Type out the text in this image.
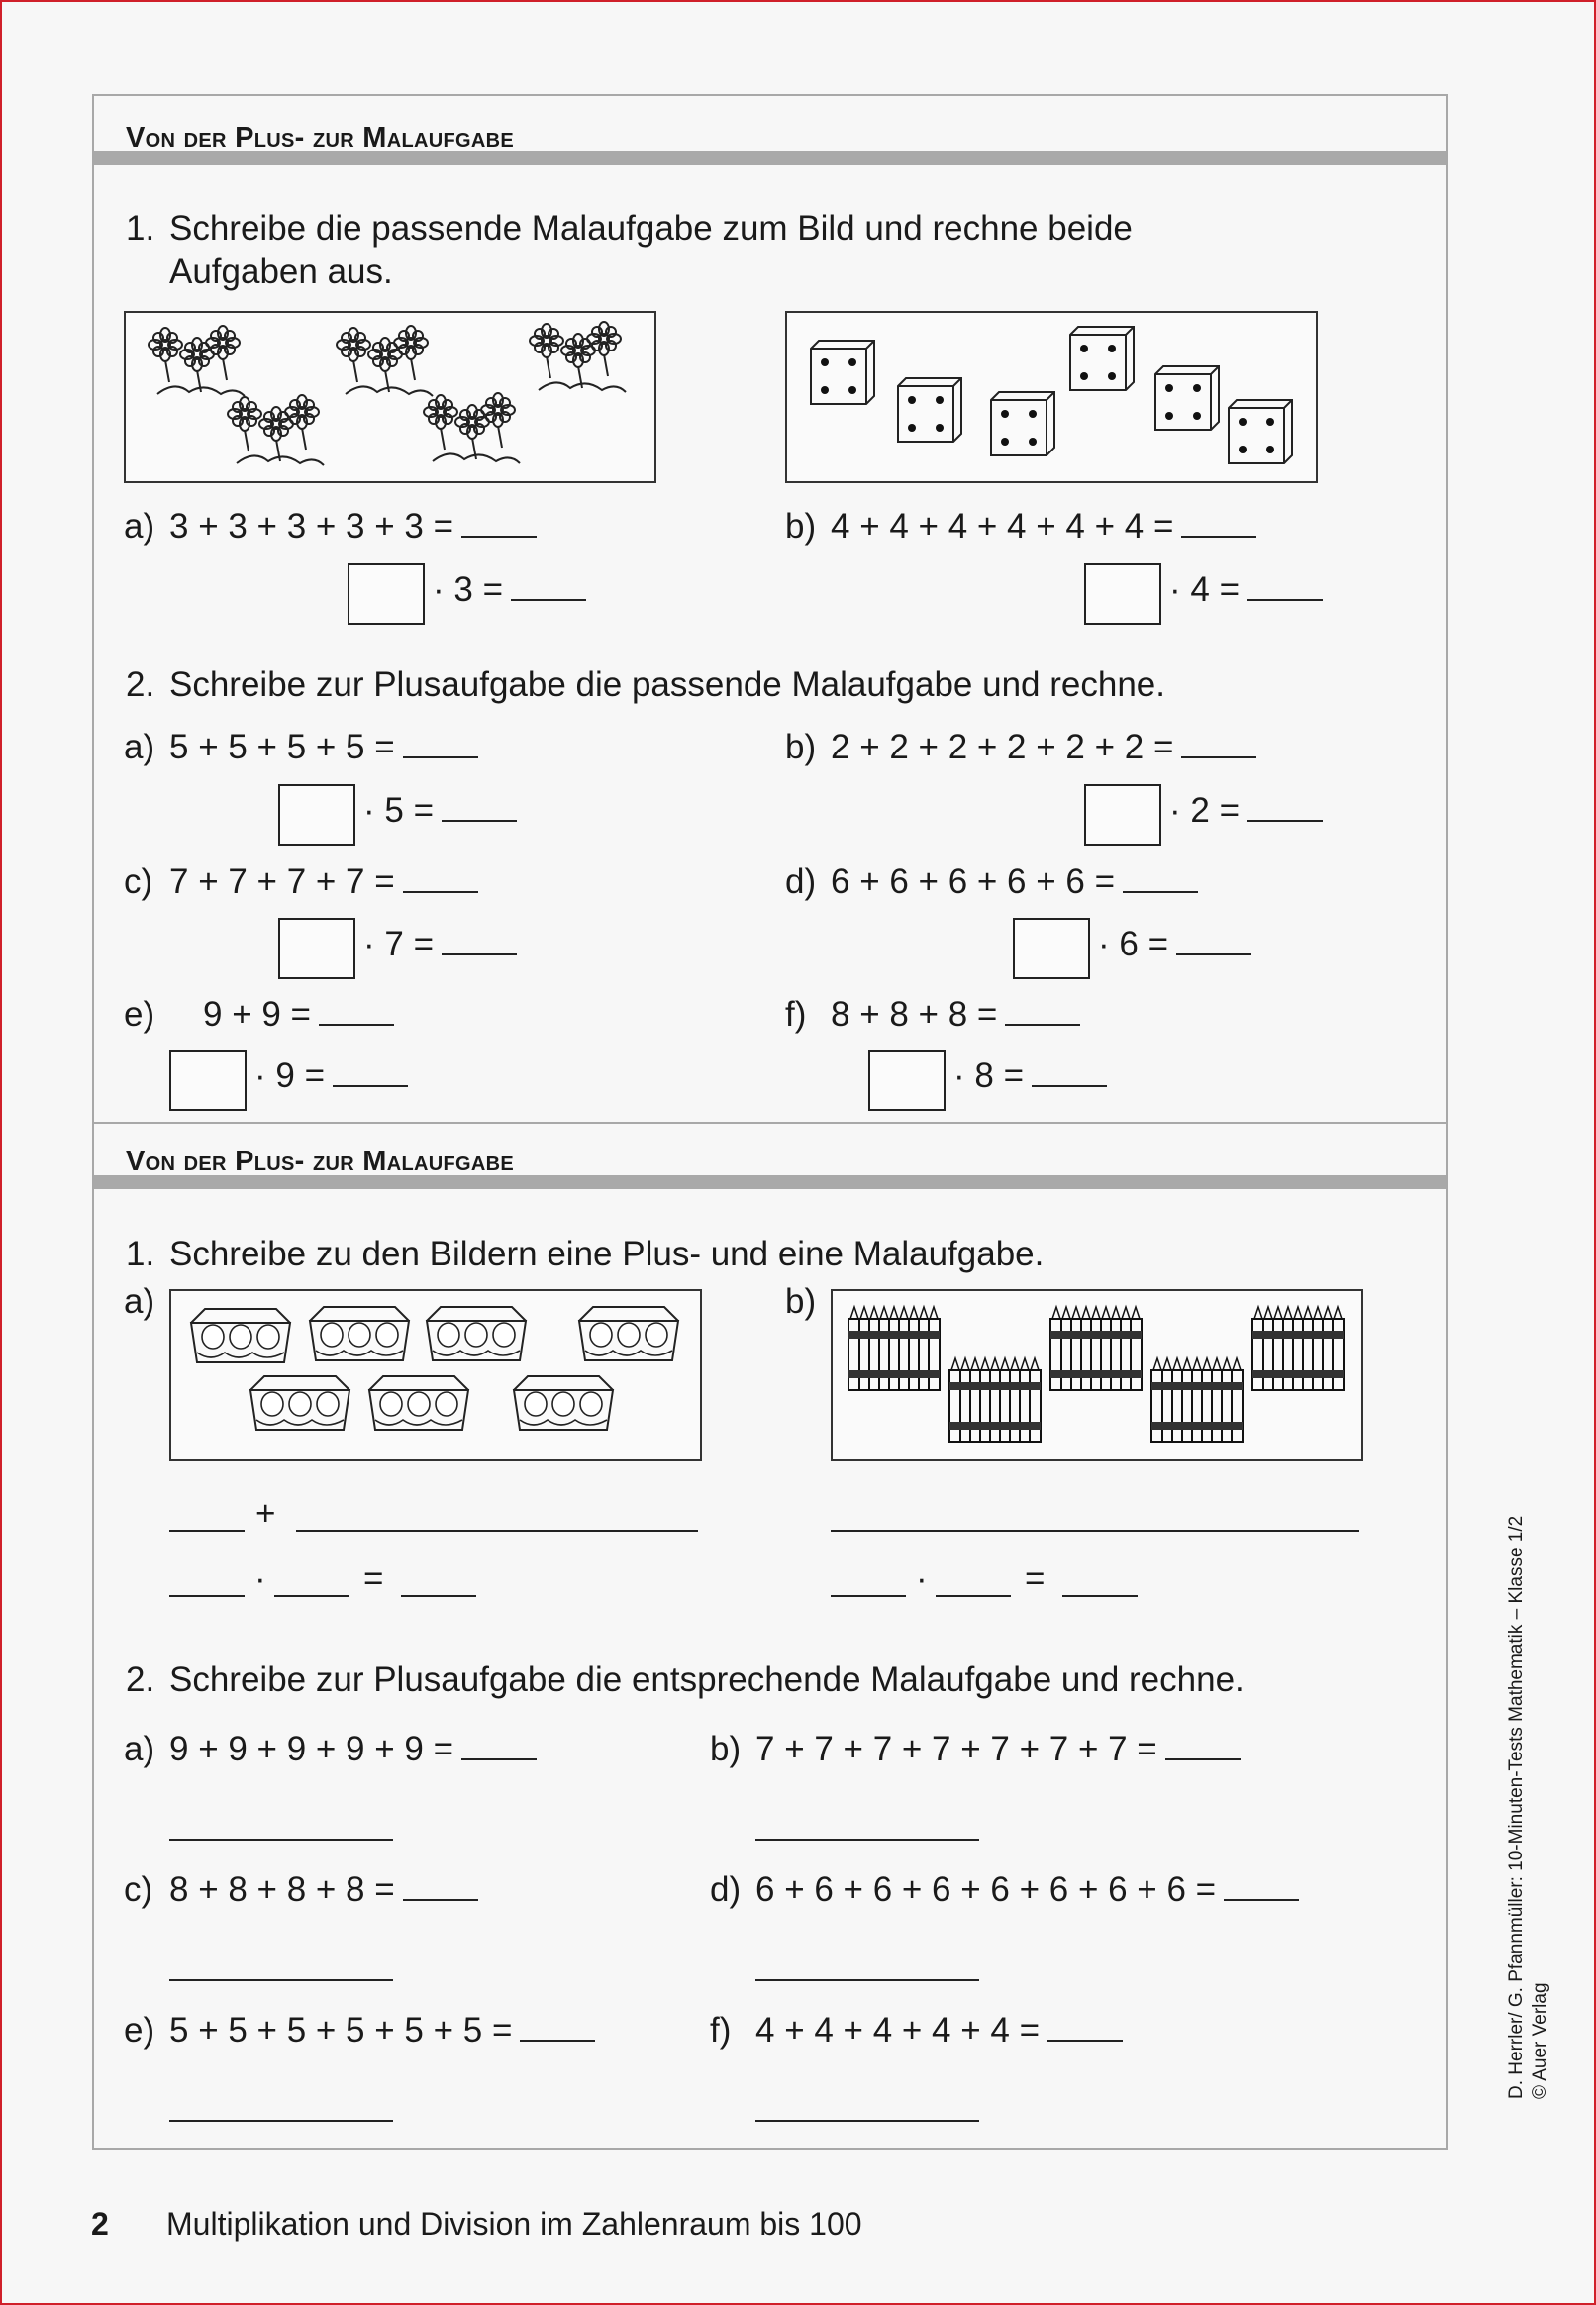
Von der Plus- zur Malaufgabe
1. Schreibe die passende Malaufgabe zum Bild und rechne beide
Aufgaben aus.
a) 3 + 3 + 3 + 3 + 3 =
· 3 =
b) 4 + 4 + 4 + 4 + 4 + 4 =
· 4 =
2. Schreibe zur Plusaufgabe die passende Malaufgabe und rechne.
a) 5 + 5 + 5 + 5 =
· 5 =
b) 2 + 2 + 2 + 2 + 2 + 2 =
· 2 =
c) 7 + 7 + 7 + 7 =
· 7 =
d) 6 + 6 + 6 + 6 + 6 =
· 6 =
e) 9 + 9 =
· 9 =
f) 8 + 8 + 8 =
· 8 =
Von der Plus- zur Malaufgabe
1. Schreibe zu den Bildern eine Plus- und eine Malaufgabe.
a)	b)
+
·	=	·	=
2. Schreibe zur Plusaufgabe die entsprechende Malaufgabe und rechne.
a) 9 + 9 + 9 + 9 + 9 =	b) 7 + 7 + 7 + 7 + 7 + 7 + 7 =
c) 8 + 8 + 8 + 8 =	d) 6 + 6 + 6 + 6 + 6 + 6 + 6 + 6 =
e) 5 + 5 + 5 + 5 + 5 + 5 =	f) 4 + 4 + 4 + 4 + 4 =
2 Multiplikation und Division im Zahlenraum bis 100
D. Herrler/ G. Pfannmüller: 10-Minuten-Tests Mathematik – Klasse 1/2 © Auer Verlag
